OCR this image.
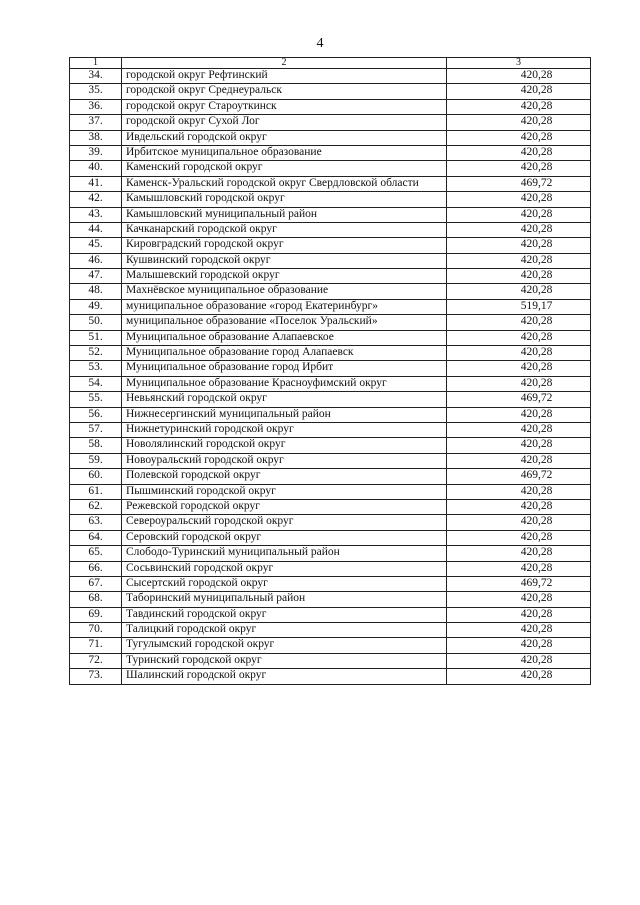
4
1	2	3
34.	городской округ Рефтинский	420,28
35.	городской округ Среднеуральск	420,28
36.	городской округ Староуткинск	420,28
37.	городской округ Сухой Лог	420,28
38.	Ивдельский городской округ	420,28
39.	Ирбитское муниципальное образование	420,28
40.	Каменский городской округ	420,28
41.	Каменск-Уральский городской округ Свердловской области	469,72
42.	Камышловский городской округ	420,28
43.	Камышловский муниципальный район	420,28
44.	Качканарский городской округ	420,28
45.	Кировградский городской округ	420,28
46.	Кушвинский городской округ	420,28
47.	Малышевский городской округ	420,28
48.	Махнёвское муниципальное образование	420,28
49.	муниципальное образование «город Екатеринбург»	519,17
50.	муниципальное образование «Поселок Уральский»	420,28
51.	Муниципальное образование Алапаевское	420,28
52.	Муниципальное образование город Алапаевск	420,28
53.	Муниципальное образование город Ирбит	420,28
54.	Муниципальное образование Красноуфимский округ	420,28
55.	Невьянский городской округ	469,72
56.	Нижнесергинский муниципальный район	420,28
57.	Нижнетуринский городской округ	420,28
58.	Новолялинский городской округ	420,28
59.	Новоуральский городской округ	420,28
60.	Полевской городской округ	469,72
61.	Пышминский городской округ	420,28
62.	Режевской городской округ	420,28
63.	Североуральский городской округ	420,28
64.	Серовский городской округ	420,28
65.	Слободо-Туринский муниципальный район	420,28
66.	Сосьвинский городской округ	420,28
67.	Сысертский городской округ	469,72
68.	Таборинский муниципальный район	420,28
69.	Тавдинский городской округ	420,28
70.	Талицкий городской округ	420,28
71.	Тугулымский городской округ	420,28
72.	Туринский городской округ	420,28
73.	Шалинский городской округ	420,28
